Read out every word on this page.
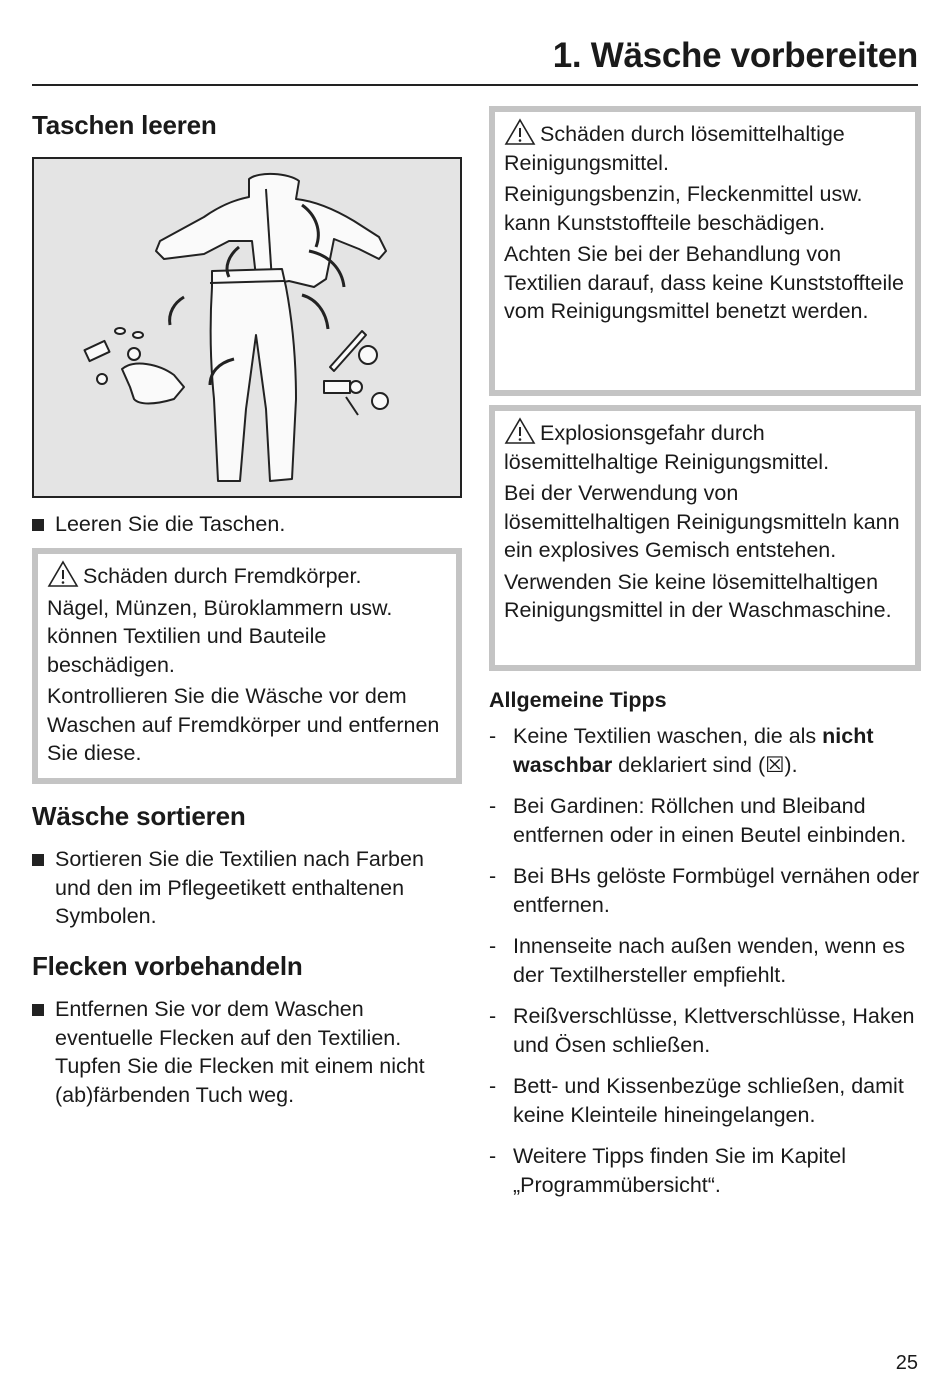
1. Wäsche vorbereiten
Taschen leeren
Leeren Sie die Taschen.

Schäden durch Fremdkörper.

Nägel, Münzen, Büroklammern usw. können Textilien und Bauteile beschädigen.

Kontrollieren Sie die Wäsche vor dem Waschen auf Fremdkörper und entfernen Sie diese.

Wäsche sortieren
Sortieren Sie die Textilien nach Farben und den im Pflegeetikett enthaltenen Symbolen.
Flecken vorbehandeln
Entfernen Sie vor dem Waschen eventuelle Flecken auf den Textilien. Tupfen Sie die Flecken mit einem nicht (ab)färbenden Tuch weg.

Schäden durch lösemittelhaltige Reinigungsmittel.

Reinigungsbenzin, Fleckenmittel usw. kann Kunststoffteile beschädigen.

Achten Sie bei der Behandlung von Textilien darauf, dass keine Kunststoffteile vom Reinigungsmittel benetzt werden.

Explosionsgefahr durch lösemittelhaltige Reinigungsmittel.

Bei der Verwendung von lösemittelhaltigen Reinigungsmitteln kann ein explosives Gemisch entstehen.

Verwenden Sie keine lösemittelhaltigen Reinigungsmittel in der Waschmaschine.

Allgemeine Tipps
- Keine Textilien waschen, die als nicht waschbar deklariert sind (☒).
- Bei Gardinen: Röllchen und Bleiband entfernen oder in einen Beutel einbinden.
- Bei BHs gelöste Formbügel vernähen oder entfernen.
- Innenseite nach außen wenden, wenn es der Textilhersteller empfiehlt.
- Reißverschlüsse, Klettverschlüsse, Haken und Ösen schließen.
- Bett- und Kissenbezüge schließen, damit keine Kleinteile hineingelangen.
- Weitere Tipps finden Sie im Kapitel „Programmübersicht“.
25
